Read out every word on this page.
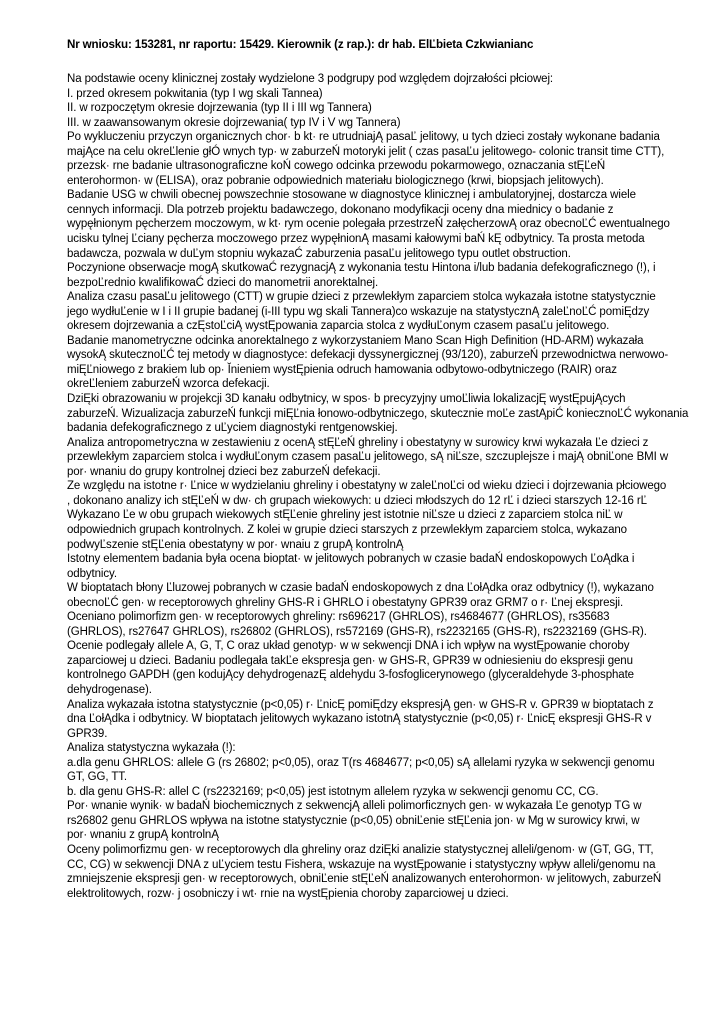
Nr wniosku: 153281, nr raportu: 15429. Kierownik (z rap.): dr hab. ElĽbieta Czkwianianc
Na podstawie oceny klinicznej zostały wydzielone 3 podgrupy pod względem dojrzałości płciowej:
I. przed okresem pokwitania (typ I wg skali Tannea)
II. w rozpoczętym okresie dojrzewania (typ II i III wg Tannera)
III. w zaawansowanym okresie dojrzewania( typ IV i V wg Tannera)
Po wykluczeniu przyczyn organicznych chor· b kt· re utrudniajĄ pasaĽ jelitowy, u tych dzieci zostały wykonane badania
majĄce na celu okreĽlenie głÓ wnych typ· w zaburzeŃ motoryki jelit ( czas pasaĽu jelitowego- colonic transit time CTT),
przezsk· rne badanie ultrasonograficzne koŃ cowego odcinka przewodu pokarmowego, oznaczania stĘĽeŃ
enterohormon· w (ELISA), oraz pobranie odpowiednich materiału biologicznego (krwi, biopsjach jelitowych).
Badanie USG w chwili obecnej powszechnie stosowane w diagnostyce klinicznej i ambulatoryjnej, dostarcza wiele
cennych informacji. Dla potrzeb projektu badawczego, dokonano modyfikacji oceny dna miednicy o badanie z
wypęłnionym pęcherzem moczowym, w kt· rym ocenie polegała przestrzeŃ załęcherzowĄ oraz obecnoĽĆ ewentualnego
ucisku tylnej Ľciany pęcherza moczowego przez wypęłnionĄ masami kałowymi baŃ kĘ odbytnicy. Ta prosta metoda
badawcza, pozwala w duĽym stopniu wykazaĆ zaburzenia pasaĽu jelitowego typu outlet obstruction.
Poczynione obserwacje mogĄ skutkowaĆ rezygnacjĄ z wykonania testu Hintona i/lub badania defekograficznego (!), i
bezpoĽrednio kwalifikowaĆ dzieci do manometrii anorektalnej.
Analiza czasu pasaĽu jelitowego (CTT) w grupie dzieci z przewlekłym zaparciem stolca wykazała istotne statystycznie
jego wydłuĽenie w I i II grupie badanej (i-III typu wg skali Tannera)co wskazuje na statystycznĄ zaleĽnoĽĆ pomiĘdzy
okresem dojrzewania a czĘstoĽciĄ wystĘpowania zaparcia stolca z wydłuĽonym czasem pasaĽu jelitowego.
Badanie manometryczne odcinka anorektalnego z wykorzystaniem Mano Scan High Definition (HD-ARM) wykazała
wysokĄ skutecznoĽĆ tej metody w diagnostyce: defekacji dyssynergicznej (93/120), zaburzeŃ przewodnictwa nerwowo-
miĘĽniowego z brakiem lub op· Ĭnieniem wystĘpienia odruch hamowania odbytowo-odbytniczego (RAIR) oraz
okreĽleniem zaburzeŃ wzorca defekacji.
DziĘki obrazowaniu w projekcji 3D kanału odbytnicy, w spos· b precyzyjny umoĽliwia lokalizacjĘ wystĘpujĄcych
zaburzeŃ. Wizualizacja zaburzeŃ funkcji miĘĽnia łonowo-odbytniczego, skutecznie moĽe zastĄpiĆ koniecznoĽĆ wykonania
badania defekograficznego z uĽyciem diagnostyki rentgenowskiej.
Analiza antropometryczna w zestawieniu z ocenĄ stĘĽeŃ ghreliny i obestatyny w surowicy krwi wykazała Ľe dzieci z
przewlekłym zaparciem stolca i wydłuĽonym czasem pasaĽu jelitowego, sĄ niĽsze, szczuplejsze i majĄ obniĽone BMI w
por· wnaniu do grupy kontrolnej dzieci bez zaburzeŃ defekacji.
Ze względu na istotne r· Ľnice w wydzielaniu ghreliny i obestatyny w zaleĽnoĽci od wieku dzieci i dojrzewania płciowego
, dokonano analizy ich stĘĽeŃ w dw· ch grupach wiekowych: u dzieci młodszych do 12 rĽ i dzieci starszych 12-16 rĽ
Wykazano Ľe w obu grupach wiekowych stĘĽenie ghreliny jest istotnie niĽsze u dzieci z zaparciem stolca niĽ w
odpowiednich grupach kontrolnych. Z kolei w grupie dzieci starszych z przewlekłym zaparciem stolca, wykazano
podwyĽszenie stĘĽenia obestatyny w por· wnaiu z grupĄ kontrolnĄ
Istotny elementem badania była ocena bioptat· w jelitowych pobranych w czasie badaŃ endoskopowych ĽoĄdka i
odbytnicy.
W bioptatach błony Ľluzowej pobranych w czasie badaŃ endoskopowych z dna ĽołĄdka oraz odbytnicy (!), wykazano
obecnoĽĆ gen· w receptorowych ghreliny GHS-R i GHRLO i obestatyny GPR39 oraz GRM7 o r· Ľnej ekspresji.
Oceniano polimorfizm gen· w receptorowych ghreliny: rs696217 (GHRLOS), rs4684677 (GHRLOS), rs35683
(GHRLOS), rs27647 GHRLOS), rs26802 (GHRLOS), rs572169 (GHS-R), rs2232165 (GHS-R), rs2232169 (GHS-R).
Ocenie podlegały allele A, G, T, C oraz układ genotyp· w w sekwencji DNA i ich wpływ na wystĘpowanie choroby
zaparciowej u dzieci. Badaniu podlegała takĽe ekspresja gen· w GHS-R, GPR39 w odniesieniu do ekspresji genu
kontrolnego GAPDH (gen kodujĄcy dehydrogenazĘ aldehydu 3-fosfoglicerynowego (glyceraldehyde 3-phosphate
dehydrogenase).
Analiza wykazała istotna statystycznie (p<0,05) r· ĽnicĘ pomiĘdzy ekspresjĄ gen· w GHS-R v. GPR39 w bioptatach z
dna ĽołĄdka i odbytnicy. W bioptatach jelitowych wykazano istotnĄ statystycznie (p<0,05) r· ĽnicĘ ekspresji GHS-R v
GPR39.
Analiza statystyczna wykazała (!):
a.dla genu GHRLOS: allele G (rs 26802; p<0,05), oraz T(rs 4684677; p<0,05) sĄ allelami ryzyka w sekwencji genomu
GT, GG, TT.
b. dla genu GHS-R: allel C (rs2232169; p<0,05) jest istotnym allelem ryzyka w sekwencji genomu CC, CG.
Por· wnanie wynik· w badaŃ biochemicznych z sekwencjĄ alleli polimorficznych gen· w wykazała Ľe genotyp TG w
rs26802 genu GHRLOS wpływa na istotne statystycznie (p<0,05) obniĽenie stĘĽenia jon· w Mg w surowicy krwi, w
por· wnaniu z grupĄ kontrolnĄ
Oceny polimorfizmu gen· w receptorowych dla ghreliny oraz dziĘki analizie statystycznej alleli/genom· w (GT, GG, TT,
CC, CG) w sekwencji DNA z uĽyciem testu Fishera, wskazuje na wystĘpowanie i statystyczny wpływ alleli/genomu na
zmniejszenie ekspresji gen· w receptorowych, obniĽenie stĘĽeŃ analizowanych enterohormon· w jelitowych, zaburzeŃ
elektrolitowych, rozw· j osobniczy i wt· rnie na wystĘpienia choroby zaparciowej u dzieci.
